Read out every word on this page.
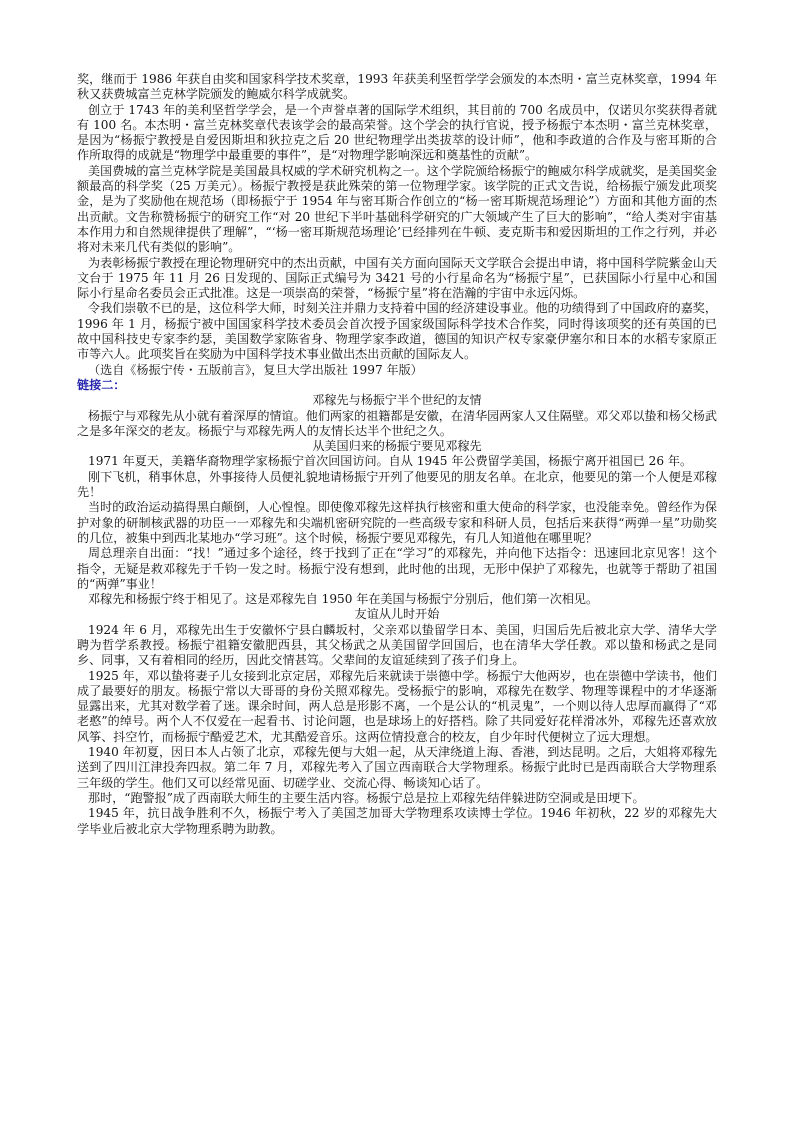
奖，继而于 1986 年获自由奖和国家科学技术奖章，1993 年获美利坚哲学学会颁发的本杰明・富兰克林奖章，1994 年秋又获费城富兰克林学院颁发的鲍威尔科学成就奖。

创立于 1743 年的美利坚哲学学会，是一个声誉卓著的国际学术组织，其目前的 700 名成员中，仅诺贝尔奖获得者就有 100 名。本杰明・富兰克林奖章代表该学会的最高荣誉。这个学会的执行官说，授予杨振宁本杰明・富兰克林奖章，是因为“杨振宁教授是自爱因斯坦和狄拉克之后 20 世纪物理学出类拔萃的设计师”，他和李政道的合作及与密耳斯的合作所取得的成就是“物理学中最重要的事件”，是“对物理学影响深远和奠基性的贡献”。

美国费城的富兰克林学院是美国最具权威的学术研究机构之一。这个学院颁给杨振宁的鲍威尔科学成就奖，是美国奖金额最高的科学奖（25 万美元）。杨振宁教授是获此殊荣的第一位物理学家。该学院的正式文告说，给杨振宁颁发此项奖金，是为了奖励他在规范场（即杨振宁于 1954 年与密耳斯合作创立的“杨一密耳斯规范场理论”）方面和其他方面的杰出贡献。文告称赞杨振宁的研究工作“对 20 世纪下半叶基础科学研究的广大领域产生了巨大的影响”，“给人类对宇宙基本作用力和自然规律提供了理解”，“‘杨一密耳斯规范场理论’已经排列在牛顿、麦克斯韦和爱因斯坦的工作之行列，并必将对未来几代有类似的影响”。

为表彰杨振宁教授在理论物理研究中的杰出贡献，中国有关方面向国际天文学联合会提出申请，将中国科学院紫金山天文台于 1975 年 11 月 26 日发现的、国际正式编号为 3421 号的小行星命名为“杨振宁星”，已获国际小行星中心和国际小行星命名委员会正式批准。这是一项崇高的荣誉，“杨振宁星”将在浩瀚的宇宙中永远闪烁。

令我们崇敬不已的是，这位科学大师，时刻关注并鼎力支持着中国的经济建设事业。他的功绩得到了中国政府的嘉奖，1996 年 1 月，杨振宁被中国国家科学技术委员会首次授予国家级国际科学技术合作奖，同时得该项奖的还有英国的已故中国科技史专家李约瑟，美国数学家陈省身、物理学家李政道，德国的知识产权专家豪伊塞尔和日本的水稻专家原正市等六人。此项奖旨在奖励为中国科学技术事业做出杰出贡献的国际友人。

（选自《杨振宁传・五版前言》，复旦大学出版社 1997 年版）

链接二：

邓稼先与杨振宁半个世纪的友情

杨振宁与邓稼先从小就有着深厚的情谊。他们两家的祖籍都是安徽，在清华园两家人又住隔壁。邓父邓以蛰和杨父杨武之是多年深交的老友。杨振宁与邓稼先两人的友情长达半个世纪之久。

从美国归来的杨振宁要见邓稼先

1971 年夏天，美籍华裔物理学家杨振宁首次回国访问。自从 1945 年公费留学美国，杨振宁离开祖国已 26 年。

刚下飞机，稍事休息，外事接待人员便礼貌地请杨振宁开列了他要见的朋友名单。在北京，他要见的第一个人便是邓稼先！

当时的政治运动搞得黑白颠倒，人心惶惶。即使像邓稼先这样执行核密和重大使命的科学家，也没能幸免。曾经作为保护对象的研制核武器的功臣一一邓稼先和尖端机密研究院的一些高级专家和科研人员，包括后来获得“两弹一星”功勋奖的几位，被集中到西北某地办“学习班”。这个时候，杨振宁要见邓稼先，有几人知道他在哪里呢？

周总理亲自出面：“找！”通过多个途径，终于找到了正在“学习”的邓稼先，并向他下达指令：迅速回北京见客！这个指令，无疑是救邓稼先于千钧一发之时。杨振宁没有想到，此时他的出现，无形中保护了邓稼先，也就等于帮助了祖国的“两弹”事业！

邓稼先和杨振宁终于相见了。这是邓稼先自 1950 年在美国与杨振宁分别后，他们第一次相见。

友谊从儿时开始

1924 年 6 月，邓稼先出生于安徽怀宁县白麟坂村，父亲邓以蛰留学日本、美国，归国后先后被北京大学、清华大学聘为哲学系教授。杨振宁祖籍安徽肥西县，其父杨武之从美国留学回国后，也在清华大学任教。邓以蛰和杨武之是同乡、同事，又有着相同的经历，因此交情甚笃。父辈间的友谊延续到了孩子们身上。

1925 年，邓以蛰将妻子儿女接到北京定居，邓稼先后来就读于崇德中学。杨振宁大他两岁，也在崇德中学读书，他们成了最要好的朋友。杨振宁常以大哥哥的身份关照邓稼先。受杨振宁的影响，邓稼先在数学、物理等课程中的才华逐渐显露出来，尤其对数学着了迷。课余时间，两人总是形影不离，一个是公认的“机灵鬼”，一个则以待人忠厚而赢得了“邓老憨”的绰号。两个人不仅爱在一起看书、讨论问题，也是球场上的好搭档。除了共同爱好花样滑冰外，邓稼先还喜欢放风筝、抖空竹，而杨振宁酷爱艺术，尤其酷爱音乐。这两位情投意合的校友，自少年时代便树立了远大理想。

1940 年初夏，因日本人占领了北京，邓稼先便与大姐一起，从天津绕道上海、香港，到达昆明。之后，大姐将邓稼先送到了四川江津投奔四叔。第二年 7 月，邓稼先考入了国立西南联合大学物理系。杨振宁此时已是西南联合大学物理系三年级的学生。他们又可以经常见面、切磋学业、交流心得、畅谈知心话了。

那时，“跑警报”成了西南联大师生的主要生活内容。杨振宁总是拉上邓稼先结伴躲进防空洞或是田埂下。

1945 年，抗日战争胜利不久，杨振宁考入了美国芝加哥大学物理系攻读博士学位。1946 年初秋，22 岁的邓稼先大学毕业后被北京大学物理系聘为助教。
